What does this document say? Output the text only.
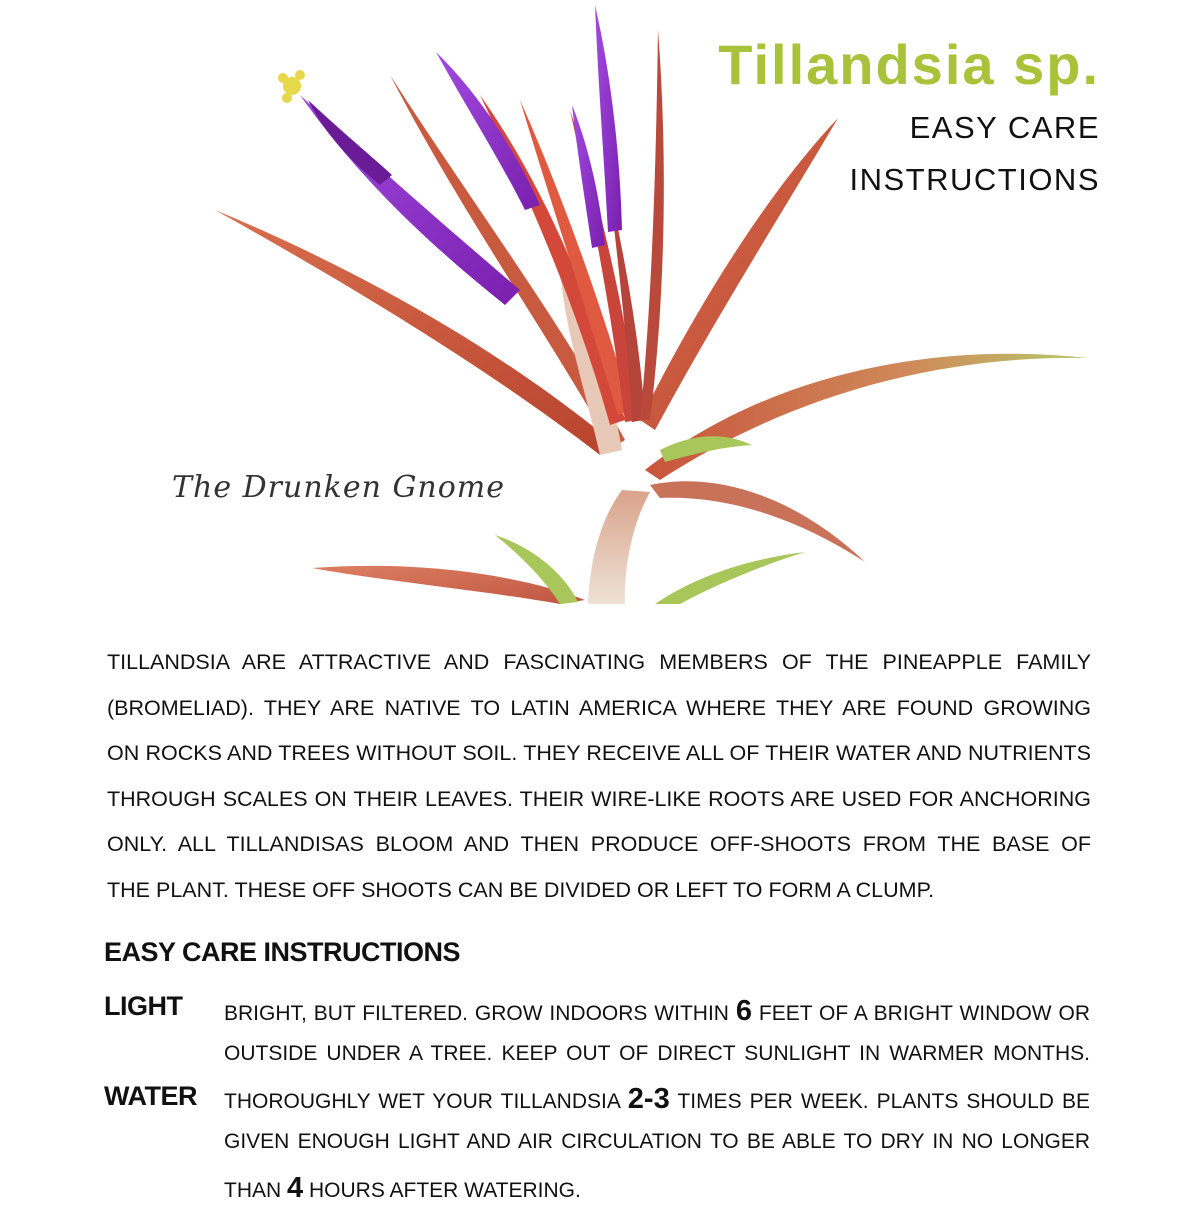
Tillandsia sp.
EASY CARE
INSTRUCTIONS
The Drunken Gnome
TILLANDSIA ARE ATTRACTIVE AND FASCINATING MEMBERS OF THE PINEAPPLE FAMILY
(BROMELIAD). THEY ARE NATIVE TO LATIN AMERICA WHERE THEY ARE FOUND GROWING
ON ROCKS AND TREES WITHOUT SOIL. THEY RECEIVE ALL OF THEIR WATER AND NUTRIENTS
THROUGH SCALES ON THEIR LEAVES. THEIR WIRE-LIKE ROOTS ARE USED FOR ANCHORING
ONLY. ALL TILLANDISAS BLOOM AND THEN PRODUCE OFF-SHOOTS FROM THE BASE OF
THE PLANT. THESE OFF SHOOTS CAN BE DIVIDED OR LEFT TO FORM A CLUMP.
EASY CARE INSTRUCTIONS
LIGHT BRIGHT, BUT FILTERED. GROW INDOORS WITHIN 6 FEET OF A BRIGHT WINDOW OR
OUTSIDE UNDER A TREE. KEEP OUT OF DIRECT SUNLIGHT IN WARMER MONTHS.
WATER THOROUGHLY WET YOUR TILLANDSIA 2-3 TIMES PER WEEK. PLANTS SHOULD BE
GIVEN ENOUGH LIGHT AND AIR CIRCULATION TO BE ABLE TO DRY IN NO LONGER
THAN 4 HOURS AFTER WATERING.
